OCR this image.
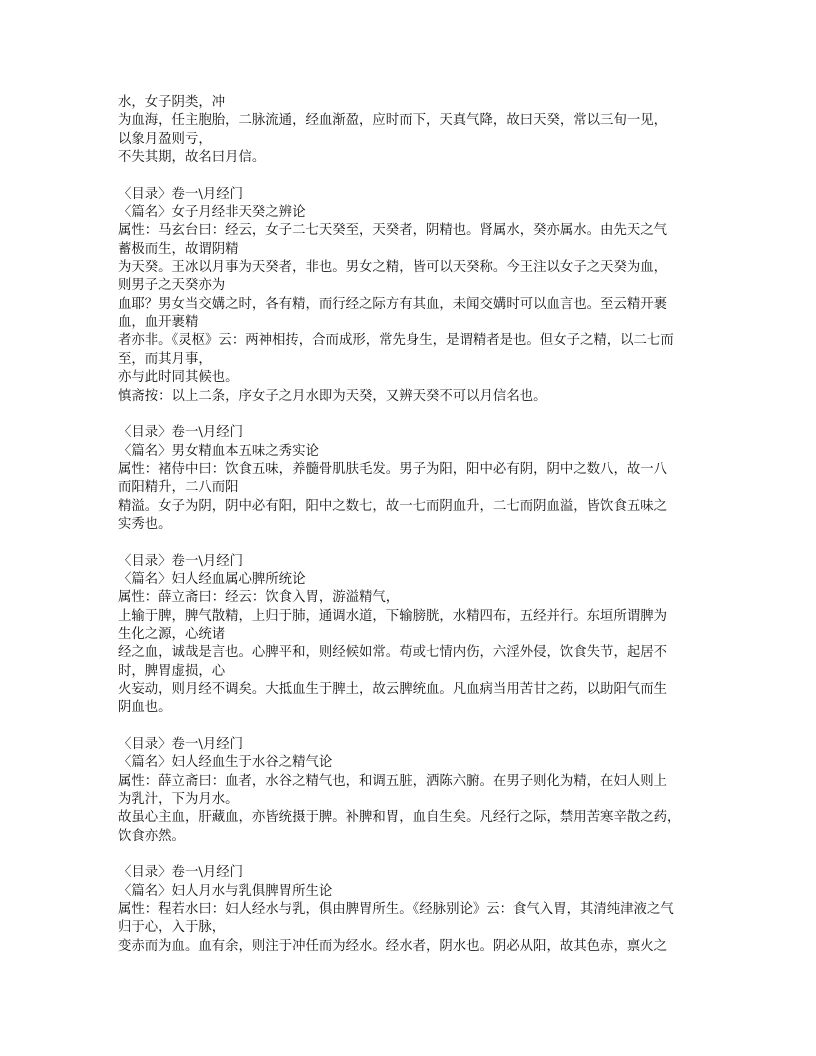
水，女子阴类，冲
为血海，任主胞胎，二脉流通，经血渐盈，应时而下，天真气降，故曰天癸，常以三旬一见，
以象月盈则亏，
不失其期，故名曰月信。
〈目录〉卷一\月经门
〈篇名〉女子月经非天癸之辨论
属性：马玄台曰：经云，女子二七天癸至，天癸者，阴精也。肾属水，癸亦属水。由先天之气
蓄极而生，故谓阴精
为天癸。王冰以月事为天癸者，非也。男女之精，皆可以天癸称。今王注以女子之天癸为血，
则男子之天癸亦为
血耶？男女当交媾之时，各有精，而行经之际方有其血，未闻交媾时可以血言也。至云精开裹
血，血开裹精
者亦非。《灵枢》云：两神相抟，合而成形，常先身生，是谓精者是也。但女子之精，以二七而
至，而其月事，
亦与此时同其候也。
慎斋按：以上二条，序女子之月水即为天癸，又辨天癸不可以月信名也。
〈目录〉卷一\月经门
〈篇名〉男女精血本五味之秀实论
属性：褚侍中曰：饮食五味，养髓骨肌肤毛发。男子为阳，阳中必有阴，阴中之数八，故一八
而阳精升，二八而阳
精溢。女子为阴，阴中必有阳，阳中之数七，故一七而阴血升，二七而阴血溢，皆饮食五味之
实秀也。
〈目录〉卷一\月经门
〈篇名〉妇人经血属心脾所统论
属性：薛立斋曰：经云：饮食入胃，游溢精气，
上输于脾，脾气散精，上归于肺，通调水道，下输膀胱，水精四布，五经并行。东垣所谓脾为
生化之源，心统诸
经之血，诚哉是言也。心脾平和，则经候如常。苟或七情内伤，六淫外侵，饮食失节，起居不
时，脾胃虚损，心
火妄动，则月经不调矣。大抵血生于脾土，故云脾统血。凡血病当用苦甘之药，以助阳气而生
阴血也。
〈目录〉卷一\月经门
〈篇名〉妇人经血生于水谷之精气论
属性：薛立斋曰：血者，水谷之精气也，和调五脏，洒陈六腑。在男子则化为精，在妇人则上
为乳汁，下为月水。
故虽心主血，肝藏血，亦皆统摄于脾。补脾和胃，血自生矣。凡经行之际，禁用苦寒辛散之药，
饮食亦然。
〈目录〉卷一\月经门
〈篇名〉妇人月水与乳俱脾胃所生论
属性：程若水曰：妇人经水与乳，俱由脾胃所生。《经脉别论》云：食气入胃，其清纯津液之气
归于心，入于脉，
变赤而为血。血有余，则注于冲任而为经水。经水者，阴水也。阴必从阳，故其色赤，禀火之
